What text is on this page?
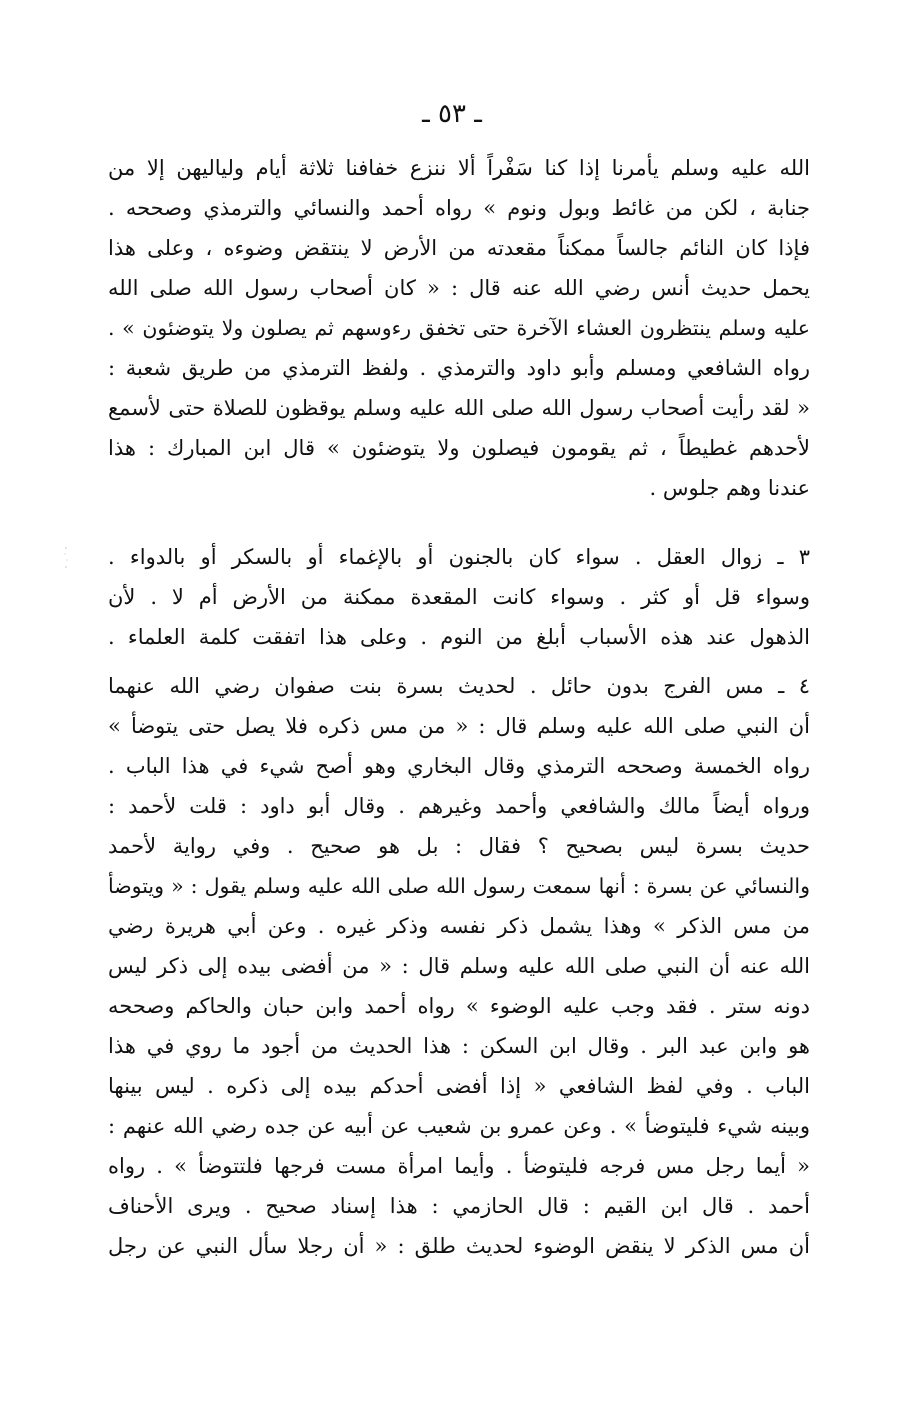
ـ ٥٣ ـ
الله عليه وسلم يأمرنا إذا كنا سَفْراً ألا ننزع خفافنا ثلاثة أيام ولياليهن إلا من
جنابة ، لكن من غائط وبول ونوم » رواه أحمد والنسائي والترمذي وصححه .
فإذا كان النائم جالساً ممكناً مقعدته من الأرض لا ينتقض وضوءه ، وعلى هذا
يحمل حديث أنس رضي الله عنه قال : « كان أصحاب رسول الله صلى الله
عليه وسلم ينتظرون العشاء الآخرة حتى تخفق رءوسهم ثم يصلون ولا يتوضئون » .
رواه الشافعي ومسلم وأبو داود والترمذي . ولفظ الترمذي من طريق شعبة :
« لقد رأيت أصحاب رسول الله صلى الله عليه وسلم يوقظون للصلاة حتى لأسمع
لأحدهم غطيطاً ، ثم يقومون فيصلون ولا يتوضئون » قال ابن المبارك : هذا
عندنا وهم جلوس .
٣ ـ زوال العقل . سواء كان بالجنون أو بالإغماء أو بالسكر أو بالدواء .
وسواء قل أو كثر . وسواء كانت المقعدة ممكنة من الأرض أم لا . لأن
الذهول عند هذه الأسباب أبلغ من النوم . وعلى هذا اتفقت كلمة العلماء .
٤ ـ مس الفرج بدون حائل . لحديث بسرة بنت صفوان رضي الله عنهما
أن النبي صلى الله عليه وسلم قال : « من مس ذكره فلا يصل حتى يتوضأ »
رواه الخمسة وصححه الترمذي وقال البخاري وهو أصح شيء في هذا الباب .
ورواه أيضاً مالك والشافعي وأحمد وغيرهم . وقال أبو داود : قلت لأحمد :
حديث بسرة ليس بصحيح ؟ فقال : بل هو صحيح . وفي رواية لأحمد
والنسائي عن بسرة : أنها سمعت رسول الله صلى الله عليه وسلم يقول : « ويتوضأ
من مس الذكر » وهذا يشمل ذكر نفسه وذكر غيره . وعن أبي هريرة رضي
الله عنه أن النبي صلى الله عليه وسلم قال : « من أفضى بيده إلى ذكر ليس
دونه ستر . فقد وجب عليه الوضوء » رواه أحمد وابن حبان والحاكم وصححه
هو وابن عبد البر . وقال ابن السكن : هذا الحديث من أجود ما روي في هذا
الباب . وفي لفظ الشافعي « إذا أفضى أحدكم بيده إلى ذكره . ليس بينها
وبينه شيء فليتوضأ » . وعن عمرو بن شعيب عن أبيه عن جده رضي الله عنهم :
« أيما رجل مس فرجه فليتوضأ . وأيما امرأة مست فرجها فلتتوضأ » . رواه
أحمد . قال ابن القيم : قال الحازمي : هذا إسناد صحيح . ويرى الأحناف
أن مس الذكر لا ينقض الوضوء لحديث طلق : « أن رجلا سأل النبي عن رجل
